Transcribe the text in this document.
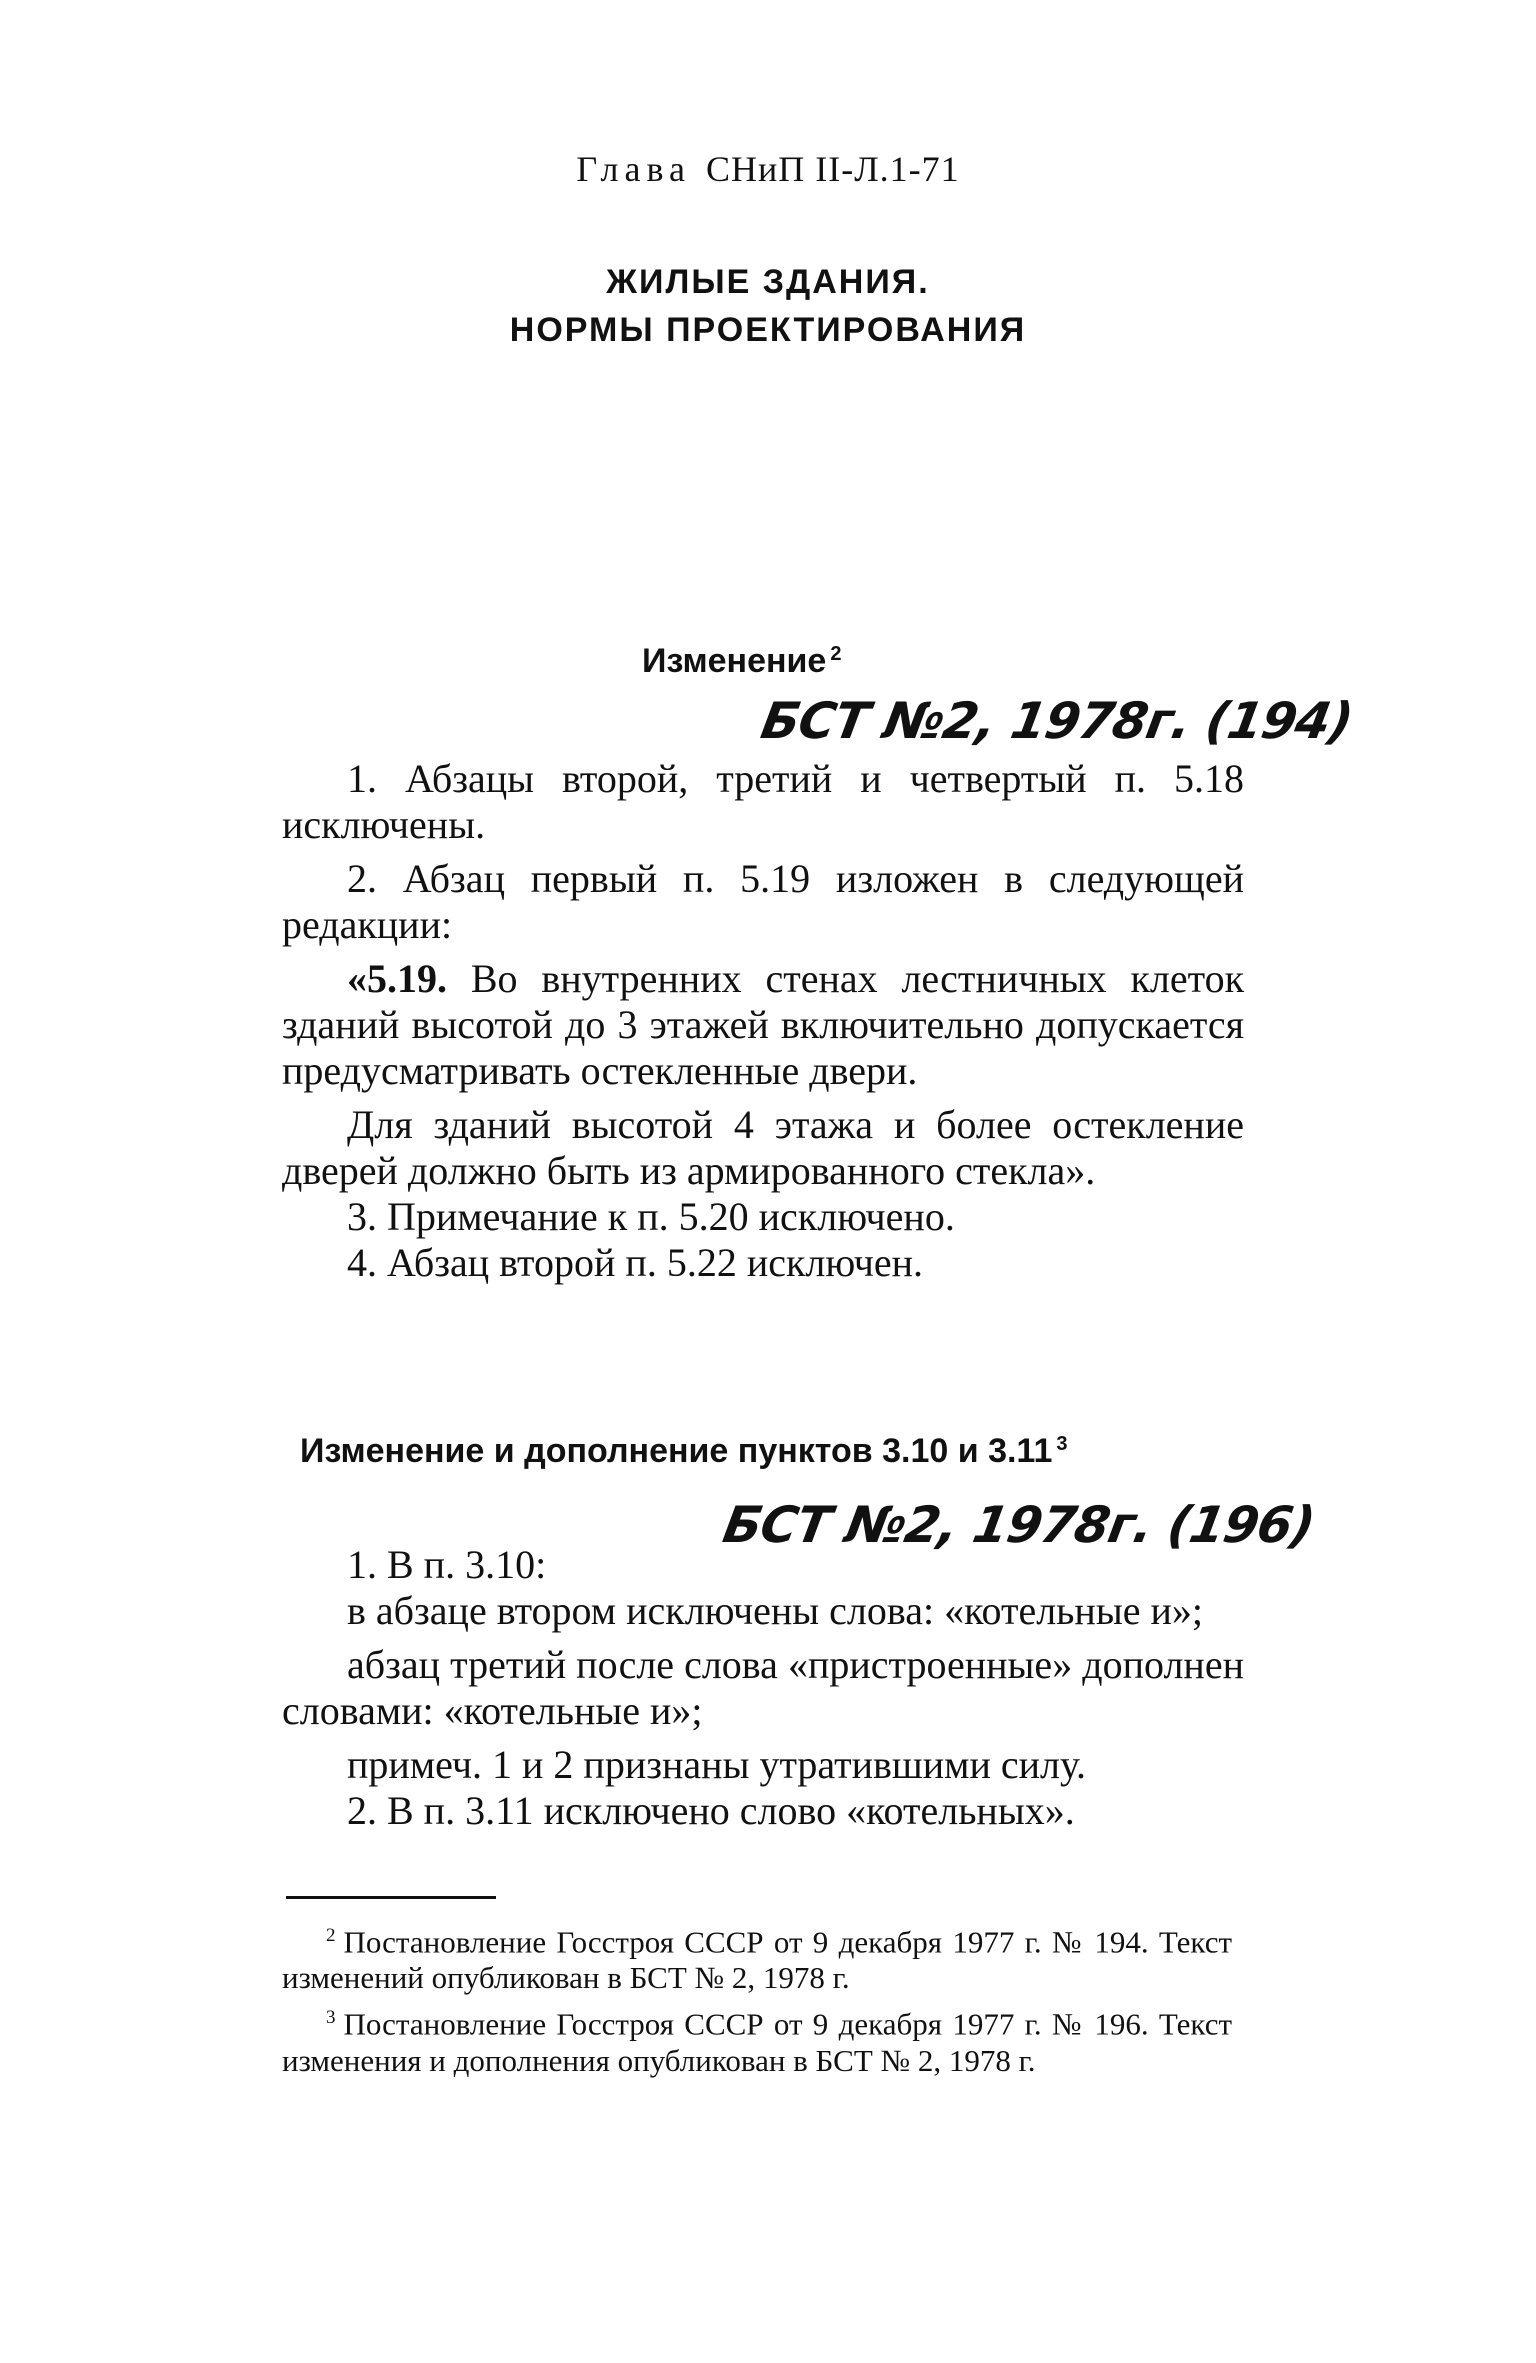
Глава СНиП II-Л.1-71
ЖИЛЫЕ ЗДАНИЯ.
НОРМЫ ПРОЕКТИРОВАНИЯ
Изменение $^2$
БСТ №2, 1978г. (194)

1. Абзацы второй, третий и четвертый п. 5.18 исключены.

2. Абзац первый п. 5.19 изложен в следующей редакции:

«5.19. Во внутренних стенах лестничных клеток зданий высотой до 3 этажей включительно допускается предусматривать остекленные двери.

Для зданий высотой 4 этажа и более остекление дверей должно быть из армированного стекла».

3. Примечание к п. 5.20 исключено.

4. Абзац второй п. 5.22 исключен.

Изменение и дополнение пунктов 3.10 и 3.11 $^3$
БСТ №2, 1978г. (196)

1. В п. 3.10:

в абзаце втором исключены слова: «котельные и»;

абзац третий после слова «пристроенные» дополнен словами: «котельные и»;

примеч. 1 и 2 признаны утратившими силу.

2. В п. 3.11 исключено слово «котельных».

$^2$ Постановление Госстроя СССР от 9 декабря 1977 г. № 194. Текст изменений опубликован в БСТ № 2, 1978 г.

$^3$ Постановление Госстроя СССР от 9 декабря 1977 г. № 196. Текст изменения и дополнения опубликован в БСТ № 2, 1978 г.
